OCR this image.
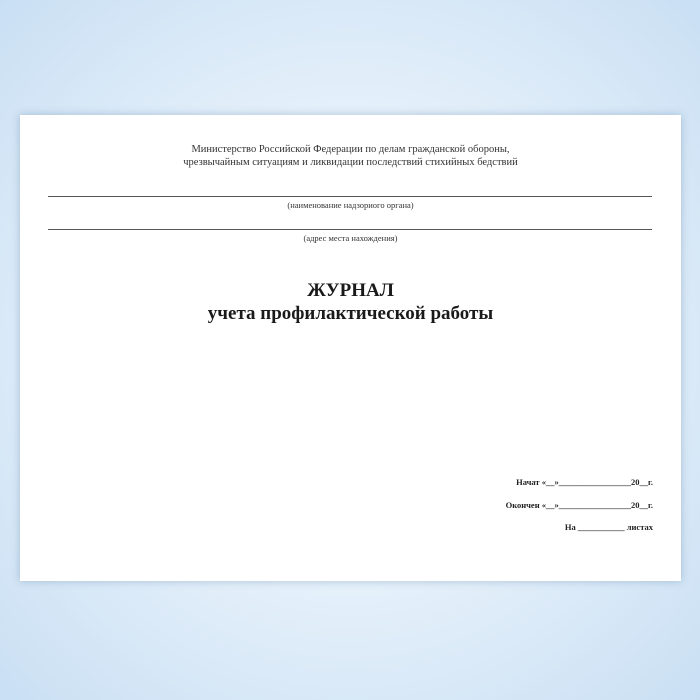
Министерство Российской Федерации по делам гражданской обороны,
чрезвычайным ситуациям и ликвидации последствий стихийных бедствий
(наименование надзориого органа)
(адрес места нахождения)
ЖУРНАЛ
учета профилактической работы
Начат «__»_________________20__г.
Окончен «__»_________________20__г.
На ___________ листах
